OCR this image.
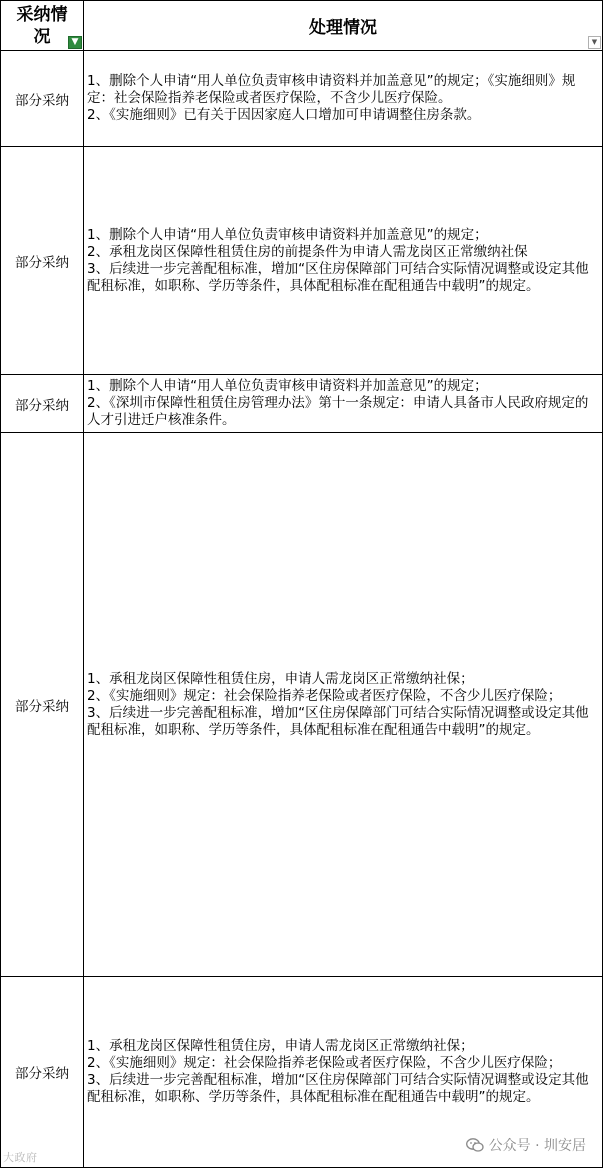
采纳情况 ▼	处理情况
▼

部分采纳	1、删除个人申请“用人单位负责审核申请资料并加盖意见”的规定；《实施细则》规定：社会保险指养老保险或者医疗保险，不含少儿医疗保险。
2、《实施细则》已有关于因因家庭人口增加可申请调整住房条款。

部分采纳	1、删除个人申请“用人单位负责审核申请资料并加盖意见”的规定；
2、承租龙岗区保障性租赁住房的前提条件为申请人需龙岗区正常缴纳社保
3、后续进一步完善配租标准，增加“区住房保障部门可结合实际情况调整或设定其他配租标准，如职称、学历等条件，具体配租标准在配租通告中载明”的规定。

部分采纳	1、删除个人申请“用人单位负责审核申请资料并加盖意见”的规定；
2、《深圳市保障性租赁住房管理办法》第十一条规定：申请人具备市人民政府规定的人才引进迁户核准条件。

部分采纳	1、承租龙岗区保障性租赁住房，申请人需龙岗区正常缴纳社保；
2、《实施细则》规定：社会保险指养老保险或者医疗保险，不含少儿医疗保险；
3、后续进一步完善配租标准，增加“区住房保障部门可结合实际情况调整或设定其他配租标准，如职称、学历等条件，具体配租标准在配租通告中载明”的规定。

部分采纳	1、承租龙岗区保障性租赁住房，申请人需龙岗区正常缴纳社保；
2、《实施细则》规定：社会保险指养老保险或者医疗保险，不含少儿医疗保险；
3、后续进一步完善配租标准，增加“区住房保障部门可结合实际情况调整或设定其他配租标准，如职称、学历等条件，具体配租标准在配租通告中载明”的规定。
大政府
公众号 · 圳安居
